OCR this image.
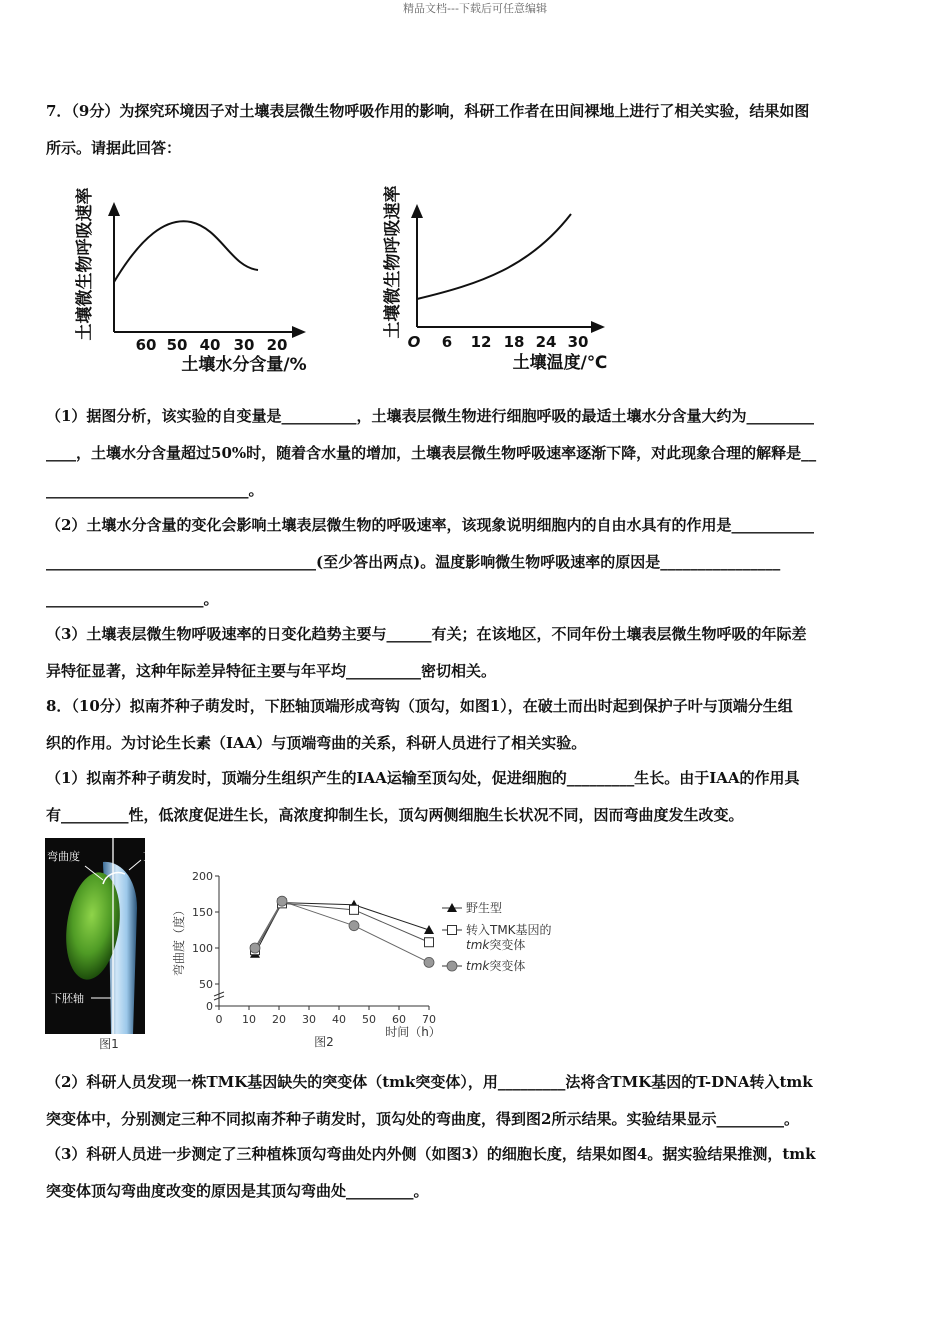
精品文档---下载后可任意编辑
7．（9分）为探究环境因子对土壤表层微生物呼吸作用的影响，科研工作者在田间裸地上进行了相关实验，结果如图
所示。请据此回答：
土壤微生物呼吸速率
60 50 40 30 20
土壤水分含量/%
土壤微生物呼吸速率
O 6 12 18 24 30
土壤温度/℃
（1）据图分析，该实验的自变量是__________，土壤表层微生物进行细胞呼吸的最适土壤水分含量大约为_________
____，土壤水分含量超过50%时，随着含水量的增加，土壤表层微生物呼吸速率逐渐下降，对此现象合理的解释是__
___________________________。
（2）土壤水分含量的变化会影响土壤表层微生物的呼吸速率，该现象说明细胞内的自由水具有的作用是___________
____________________________________(至少答出两点)。温度影响微生物呼吸速率的原因是________________
_____________________。
（3）土壤表层微生物呼吸速率的日变化趋势主要与______有关；在该地区，不同年份土壤表层微生物呼吸的年际差
异特征显著，这种年际差异特征主要与年平均__________密切相关。
8．（10分）拟南芥种子萌发时，下胚轴顶端形成弯钩（顶勾，如图1），在破土而出时起到保护子叶与顶端分生组
织的作用。为讨论生长素（IAA）与顶端弯曲的关系，科研人员进行了相关实验。
（1）拟南芥种子萌发时，顶端分生组织产生的IAA运输至顶勾处，促进细胞的_________生长。由于IAA的作用具
有_________性，低浓度促进生长，高浓度抑制生长，顶勾两侧细胞生长状况不同，因而弯曲度发生改变。
弯曲度	顶勾
下胚轴
图1
弯曲度（度）
0
50
100
150
200
0 10 20 30 40 50 60 70
野生型
转入TMK基因的
tmk突变体
tmk突变体
时间（h）
图2
（2）科研人员发现一株TMK基因缺失的突变体（tmk突变体），用_________法将含TMK基因的T-DNA转入tmk
突变体中，分别测定三种不同拟南芥种子萌发时，顶勾处的弯曲度，得到图2所示结果。实验结果显示_________。
（3）科研人员进一步测定了三种植株顶勾弯曲处内外侧（如图3）的细胞长度，结果如图4。据实验结果推测，tmk
突变体顶勾弯曲度改变的原因是其顶勾弯曲处_________。
